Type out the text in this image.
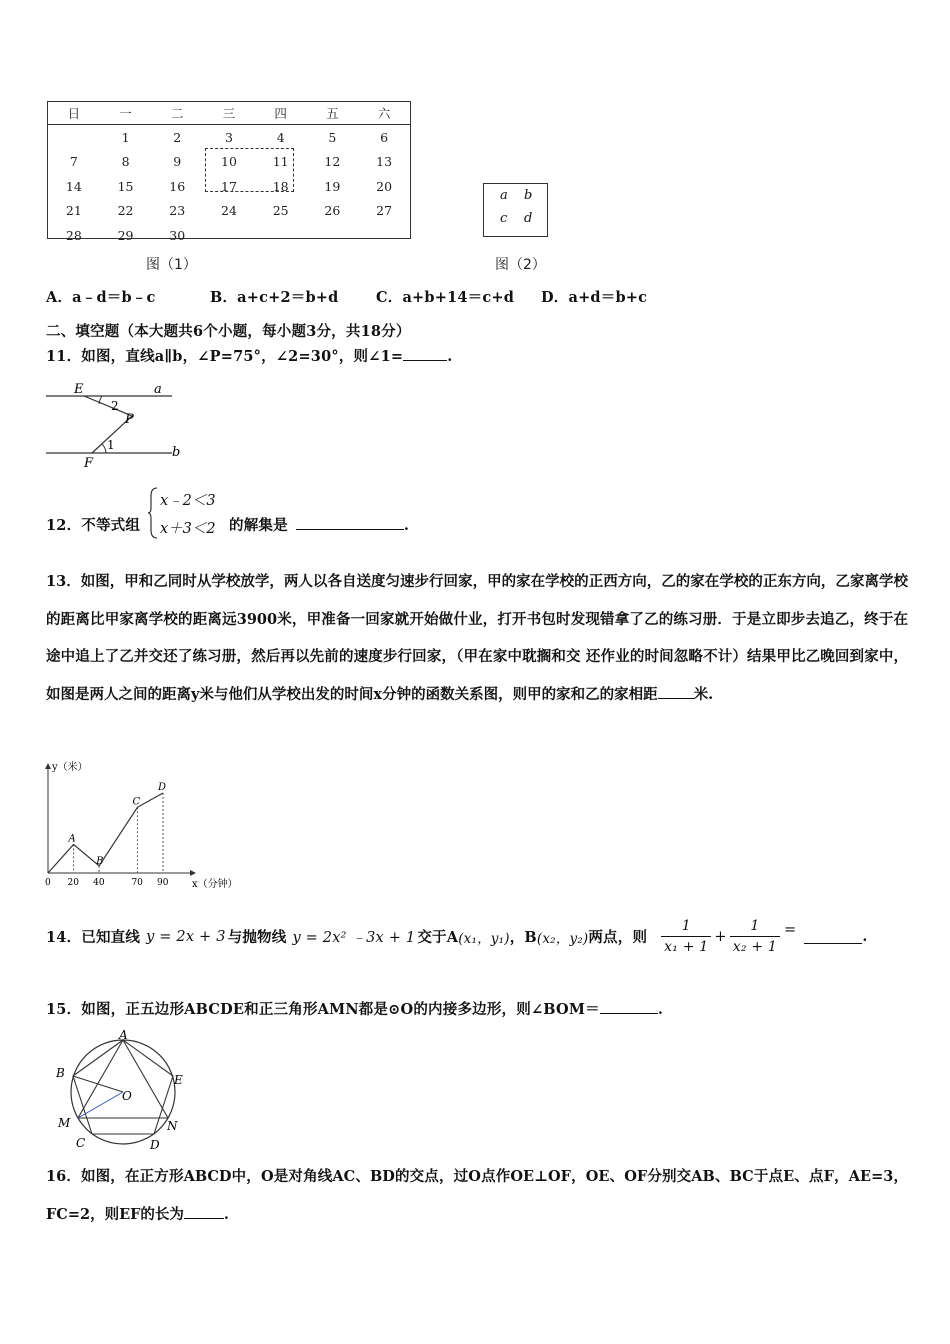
日	一	二	三	四	五	六
	1	2	3	4	5	6
7	8	9	10	11	12	13
14	15	16	17	18	19	20
21	22	23	24	25	26	27
28	29	30				
图（1）
a b
c d
图（2）
A．a﹣d＝b﹣c	B．a+c+2＝b+d	C．a+b+14＝c+d D．a+d＝b+c
二、填空题（本大题共6个小题，每小题3分，共18分）
11．如图，直线a∥b，∠P=75°，∠2=30°，则∠1=	.
E	a
2
P
1
F
b
12．不等式组
x﹣2＜3
x＋3＜2 的解集是	.
13．如图，甲和乙同时从学校放学，两人以各自送度匀速步行回家，甲的家在学校的正西方向，乙的家在学校的正东方向，乙家离学校的距离比甲家离学校的距离远3900米，甲准备一回家就开始做什业，打开书包时发现错拿了乙的练习册．于是立即步去追乙，终于在途中追上了乙并交还了练习册，然后再以先前的速度步行回家，（甲在家中耽搁和交 还作业的时间忽略不计）结果甲比乙晚回到家中，如图是两人之间的距离y米与他们从学校出发的时间x分钟的函数关系图，则甲的家和乙的家相距 米.
y（米）
x（分钟）
0 20 40	70 90
A
B
C
D
14．已知直线 y = 2x + 3 与抛物线 y = 2x² ﹣3x + 1 交于A (x₁，y₁) ，B (x₂，y₂) 两点，则 $\frac{1}{\text{x₁ + 1}} + \frac{1}{\text{x₂ + 1}}$ =	.
15．如图，正五边形ABCDE和正三角形AMN都是⊙O的内接多边形，则∠BOM＝	.
A
B	E
O
M	N
C	D
16．如图，在正方形ABCD中，O是对角线AC、BD的交点，过O点作OE⊥OF，OE、OF分别交AB、BC于点E、点F，AE=3，FC=2，则EF的长为	.
